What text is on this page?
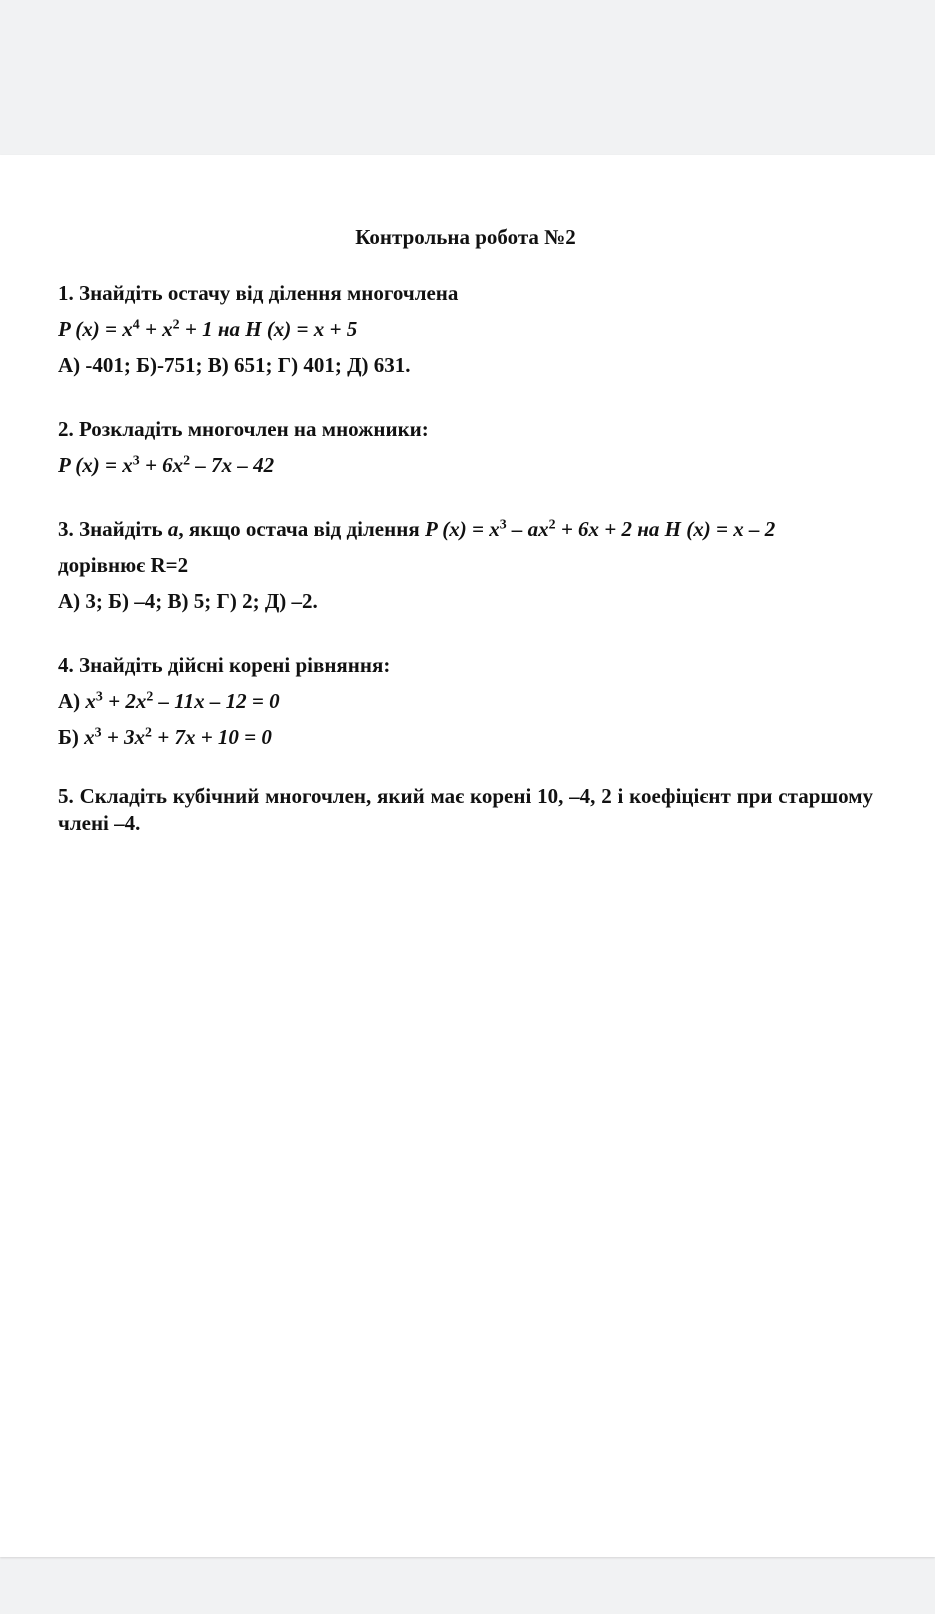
Контрольна робота №2
1. Знайдіть остачу від ділення многочлена
P $(x) = x^4 + x^2 + 1$ на H (x) = x + 5
А) -401; Б)-751; В) 651; Г) 401; Д) 631.
2. Розкладіть многочлен на множники:
P $(x) = x^3 + 6x^2 - 7x - 42$
3. Знайдіть a, якщо остача від ділення P $(x) = x^3 - ax^2 + 6x + 2$ на H (x) = x – 2
дорівнює R=2
А) 3; Б) –4; В) 5; Г) 2; Д) –2.
4. Знайдіть дійсні корені рівняння:
А) $x^3 + 2x^2 - 11x - 12 = 0$
Б) $x^3 + 3x^2 + 7x + 10 = 0$
5. Складіть кубічний многочлен, який має корені 10, –4, 2 і коефіцієнт при старшому члені –4.
